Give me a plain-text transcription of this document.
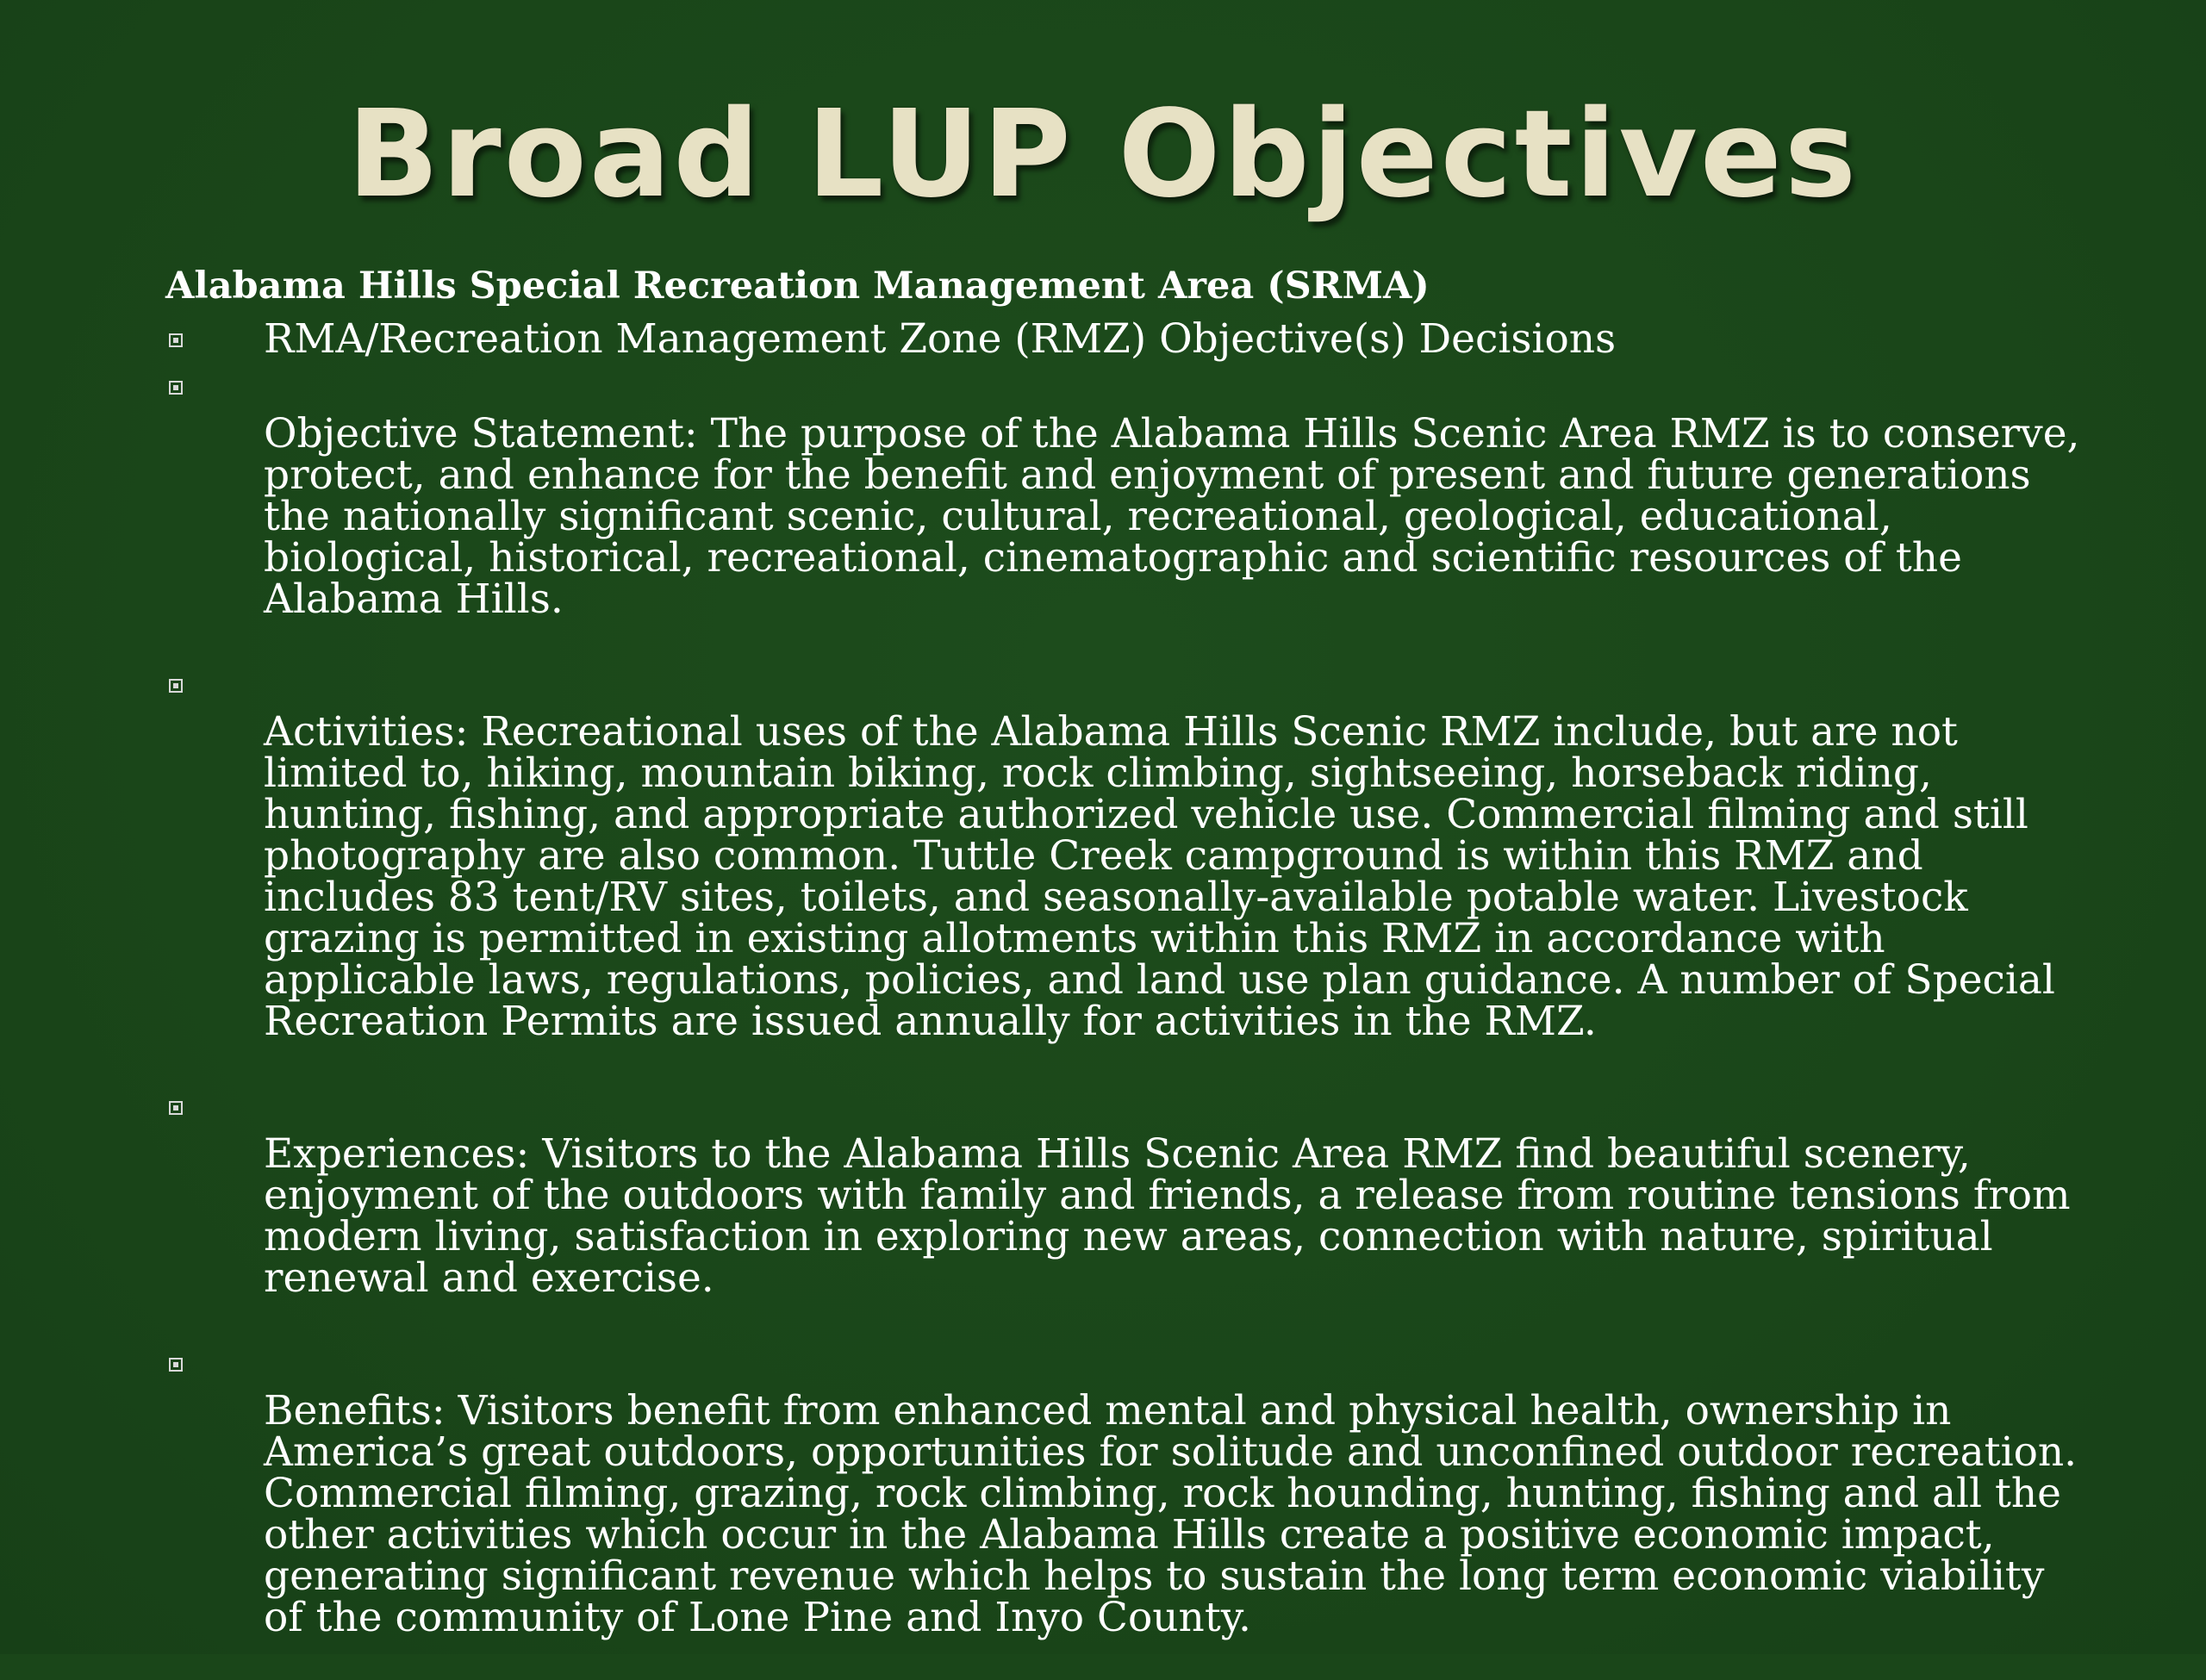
Broad LUP Objectives
Alabama Hills Special Recreation Management Area (SRMA)
RMA/Recreation Management Zone (RMZ) Objective(s) Decisions
Objective Statement: The purpose of the Alabama Hills Scenic Area RMZ is to conserve, protect, and enhance for the benefit and enjoyment of present and future generations the nationally significant scenic, cultural, recreational, geological, educational, biological, historical, recreational, cinematographic and scientific resources of the Alabama Hills.
Activities: Recreational uses of the Alabama Hills Scenic RMZ include, but are not limited to, hiking, mountain biking, rock climbing, sightseeing, horseback riding, hunting, fishing, and appropriate authorized vehicle use. Commercial filming and still photography are also common. Tuttle Creek campground is within this RMZ and includes 83 tent/RV sites, toilets, and seasonally-available potable water. Livestock grazing is permitted in existing allotments within this RMZ in accordance with applicable laws, regulations, policies, and land use plan guidance. A number of Special Recreation Permits are issued annually for activities in the RMZ.
Experiences: Visitors to the Alabama Hills Scenic Area RMZ find beautiful scenery, enjoyment of the outdoors with family and friends, a release from routine tensions from modern living, satisfaction in exploring new areas, connection with nature, spiritual renewal and exercise.
Benefits: Visitors benefit from enhanced mental and physical health, ownership in America’s great outdoors, opportunities for solitude and unconfined outdoor recreation. Commercial filming, grazing, rock climbing, rock hounding, hunting, fishing and all the other activities which occur in the Alabama Hills create a positive economic impact, generating significant revenue which helps to sustain the long term economic viability of the community of Lone Pine and Inyo County.
